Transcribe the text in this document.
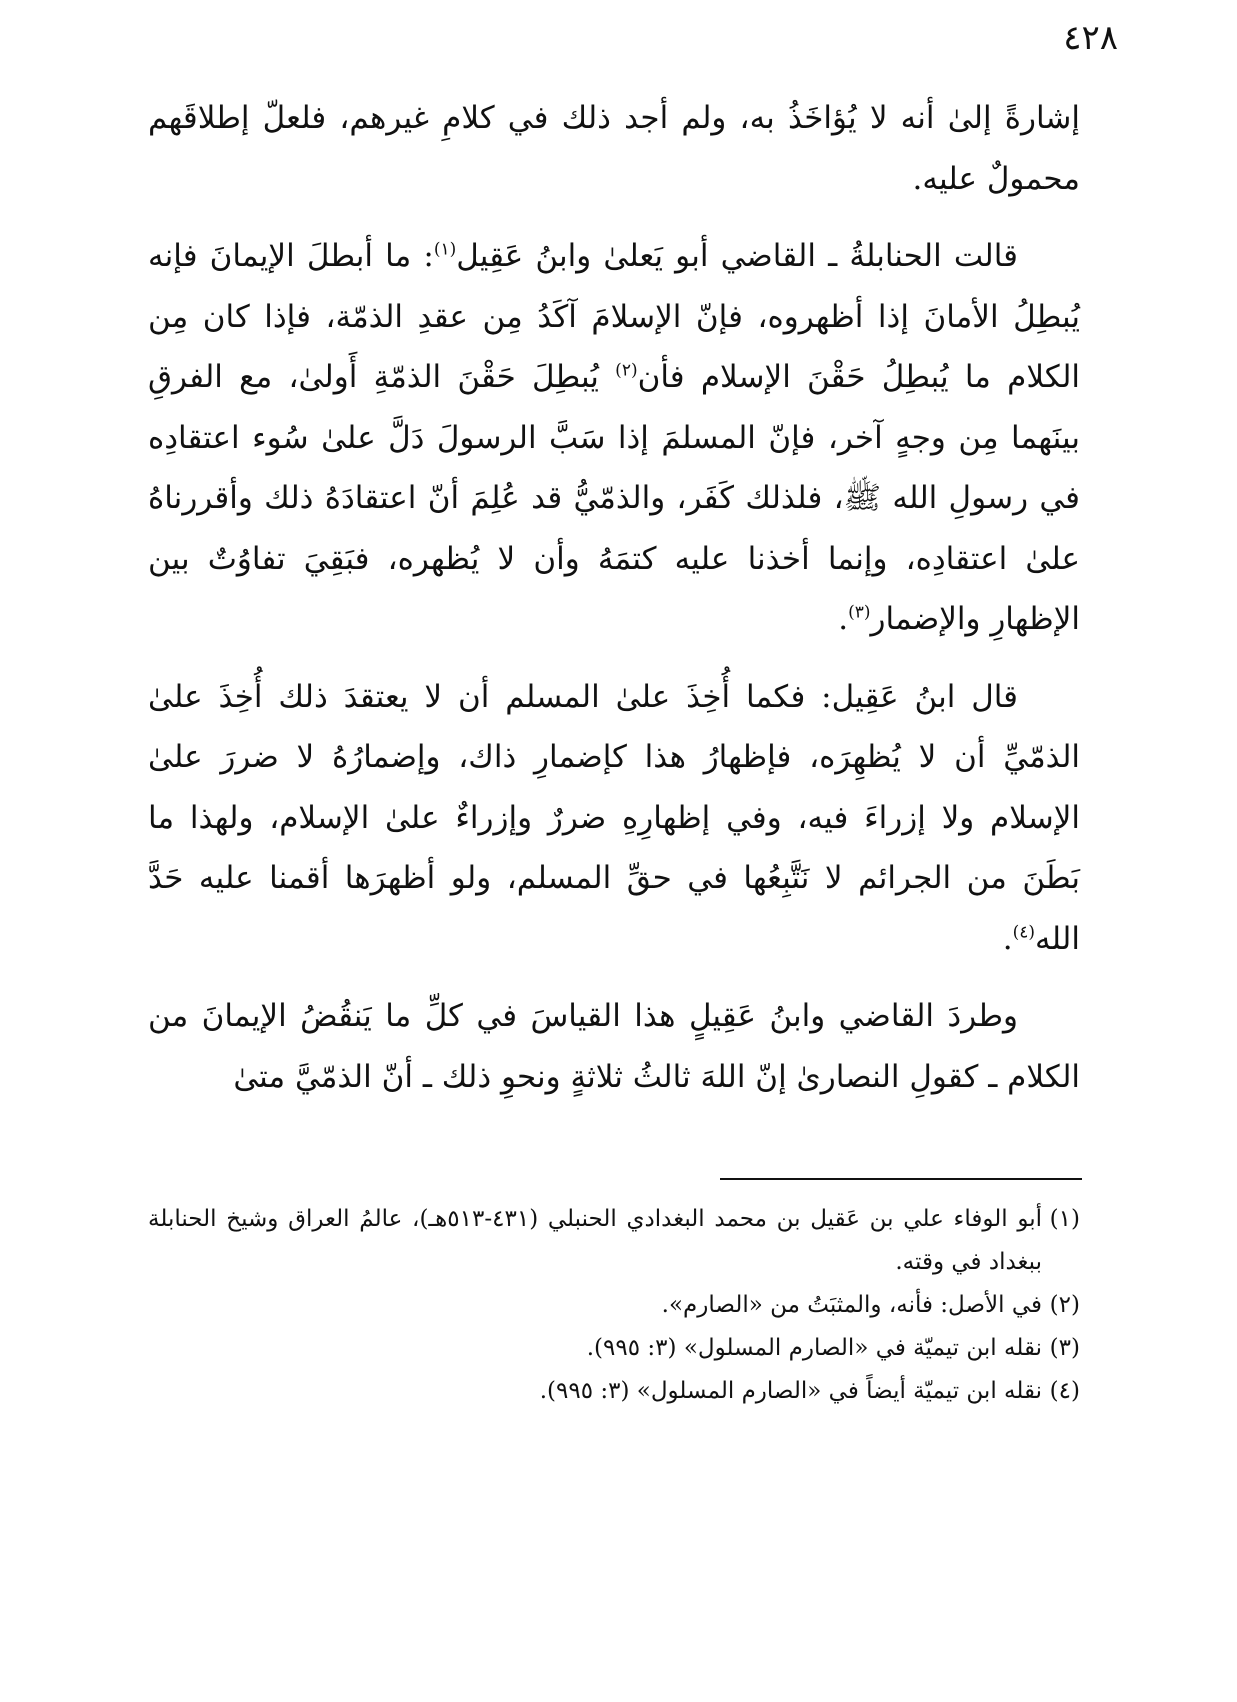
٤٢٨

إشارةً إلىٰ أنه لا يُؤاخَذُ به، ولم أجد ذلك في كلامِ غيرهم، فلعلّ إطلاقَهم محمولٌ عليه.

قالت الحنابلةُ ـ القاضي أبو يَعلىٰ وابنُ عَقِيل$^{(١)}$: ما أبطلَ الإيمانَ فإنه يُبطِلُ الأمانَ إذا أظهروه، فإنّ الإسلامَ آكَدُ مِن عقدِ الذمّة، فإذا كان مِن الكلام ما يُبطِلُ حَقْنَ الإسلام فأن$^{(٢)}$ يُبطِلَ حَقْنَ الذمّةِ أَولىٰ، مع الفرقِ بينَهما مِن وجهٍ آخر، فإنّ المسلمَ إذا سَبَّ الرسولَ دَلَّ علىٰ سُوء اعتقادِه في رسولِ الله ﷺ، فلذلك كَفَر، والذمّيُّ قد عُلِمَ أنّ اعتقادَهُ ذلك وأقررناهُ علىٰ اعتقادِه، وإنما أخذنا عليه كتمَهُ وأن لا يُظهره، فبَقِيَ تفاوُتٌ بين الإظهارِ والإضمار$^{(٣)}$.

قال ابنُ عَقِيل: فكما أُخِذَ علىٰ المسلم أن لا يعتقدَ ذلك أُخِذَ علىٰ الذمّيِّ أن لا يُظهِرَه، فإظهارُ هذا كإضمارِ ذاك، وإضمارُهُ لا ضررَ علىٰ الإسلام ولا إزراءَ فيه، وفي إظهارِهِ ضررٌ وإزراءٌ علىٰ الإسلام، ولهذا ما بَطَنَ من الجرائم لا نَتَّبِعُها في حقِّ المسلم، ولو أظهرَها أقمنا عليه حَدَّ الله$^{(٤)}$.

وطردَ القاضي وابنُ عَقِيلٍ هذا القياسَ في كلِّ ما يَنقُضُ الإيمانَ من الكلام ـ كقولِ النصارىٰ إنّ اللهَ ثالثُ ثلاثةٍ ونحوِ ذلك ـ أنّ الذمّيَّ متىٰ

(١)أبو الوفاء علي بن عَقيل بن محمد البغدادي الحنبلي (٤٣١-٥١٣هـ)، عالمُ العراق وشيخ الحنابلة ببغداد في وقته.

(٢)في الأصل: فأنه، والمثبَتُ من «الصارم».

(٣)نقله ابن تيميّة في «الصارم المسلول» (٣: ٩٩٥).

(٤)نقله ابن تيميّة أيضاً في «الصارم المسلول» (٣: ٩٩٥).
